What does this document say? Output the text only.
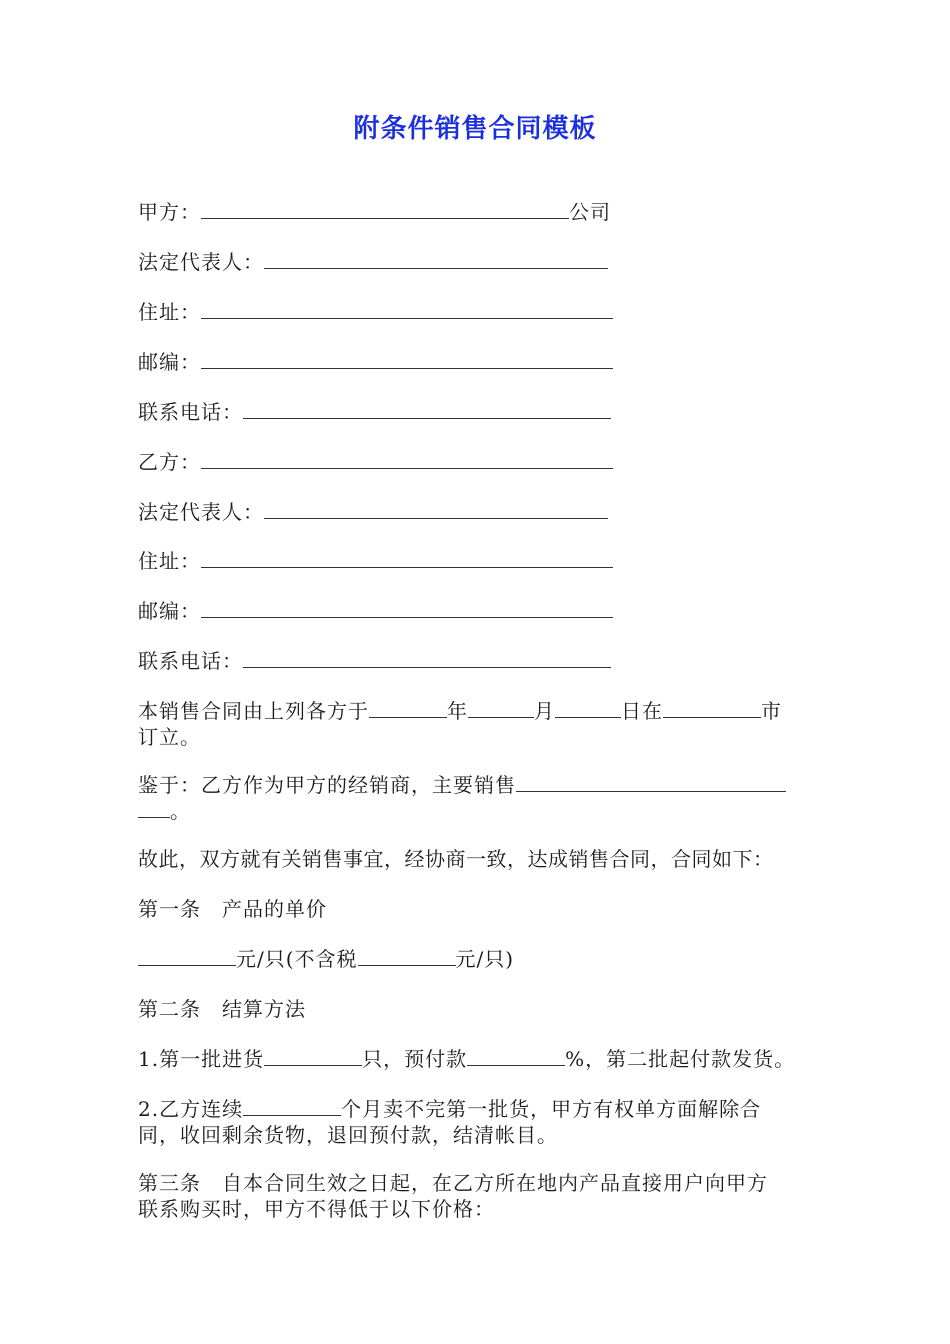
附条件销售合同模板
甲方：	公司
法定代表人：
住址：
邮编：
联系电话：
乙方：
法定代表人：
住址：
邮编：
联系电话：
本销售合同由上列各方于	年	月	日在	市
订立。
鉴于：乙方作为甲方的经销商，主要销售
。
故此，双方就有关销售事宜，经协商一致，达成销售合同，合同如下：
第一条　产品的单价
元/只(不含税	元/只)
第二条　结算方法
1.第一批进货	只，预付款	%，第二批起付款发货。
2.乙方连续	个月卖不完第一批货，甲方有权单方面解除合
同，收回剩余货物，退回预付款，结清帐目。
第三条　自本合同生效之日起，在乙方所在地内产品直接用户向甲方
联系购买时，甲方不得低于以下价格：
